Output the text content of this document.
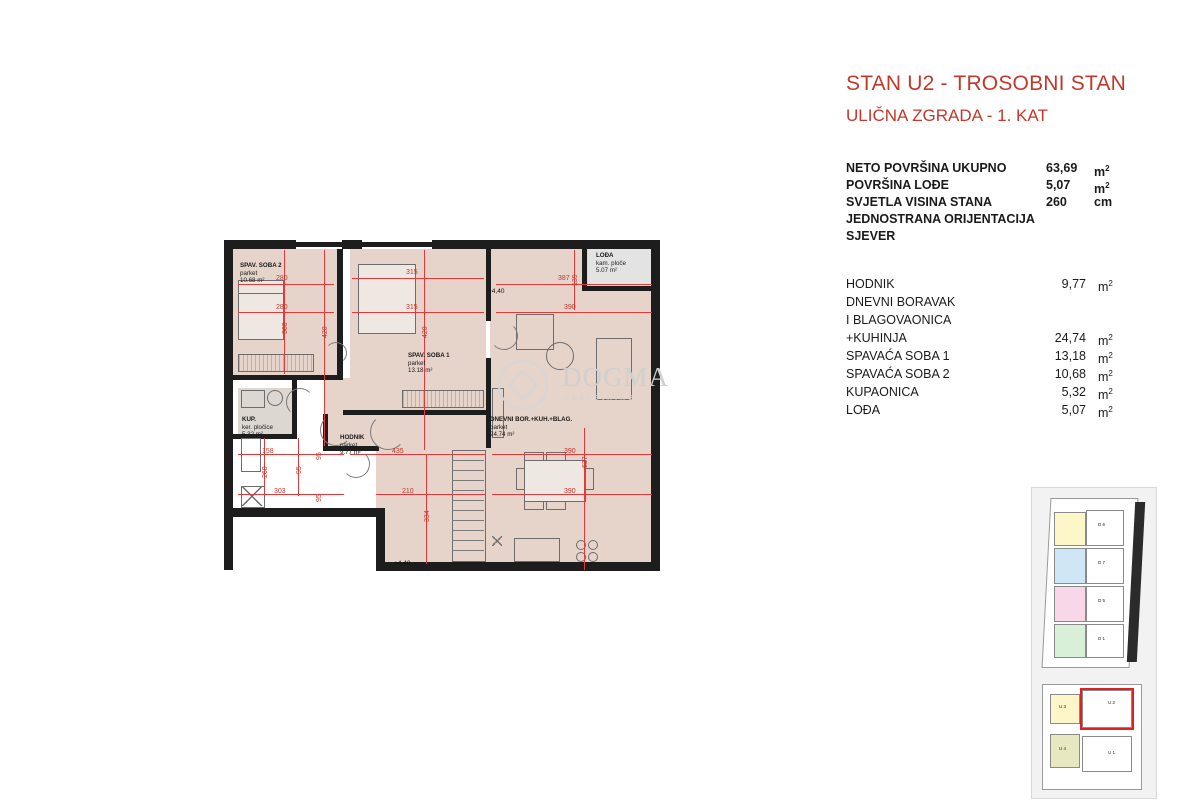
STAN U2 - TROSOBNI STAN
ULIČNA ZGRADA - 1. KAT
NETO POVRŠINA UKUPNO	63,69 $m^2$
POVRŠINA LOĐE	5,07 $m^2$
SVJETLA VISINA STANA	260 cm
JEDNOSTRANA ORIJENTACIJA
SJEVER
HODNIK	9,77 $m^2$
DNEVNI BORAVAK
I BLAGOVAONICA
+KUHINJA	24,74 $m^2$
SPAVAĆA SOBA 1	13,18 $m^2$
SPAVAĆA SOBA 2	10,68 $m^2$
KUPAONICA	5,32 $m^2$
LOĐA	5,07 $m^2$
D 6
D 7
D 5
D 1
U 3
U 2
U 4
U 1
280
280
315
315
387
390
435
210
390
390
158
303
95
95
360	420	420
139
637
334
260	95
SPAV. SOBA 2
parket
10.68 m²
SPAV. SOBA 1
parket
13.18 m²
LOĐA
kam. ploče
5.07 m²
KUP.
ker. pločice
5.32 m²	HODNIK
parket
9.77 m²
DNEVNI BOR.+KUH.+BLAG.
parket
24.74 m²
+4,40
+4,40
DOGMA
nekretnine
